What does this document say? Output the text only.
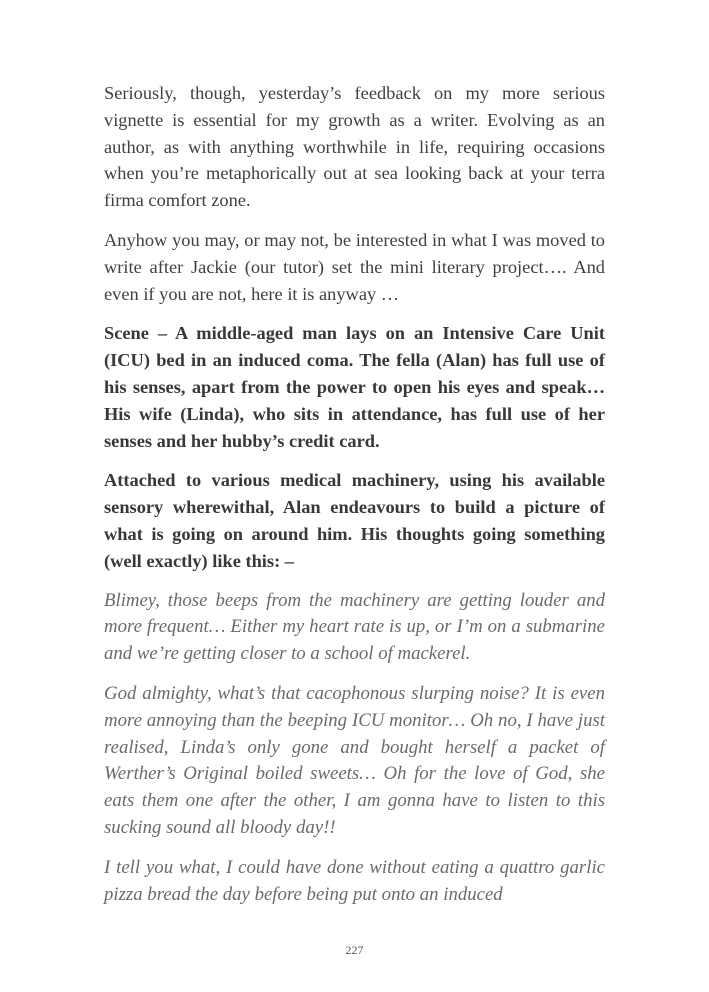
Seriously, though, yesterday’s feedback on my more serious vignette is essential for my growth as a writer. Evolving as an author, as with anything worthwhile in life, requiring occasions when you’re metaphorically out at sea looking back at your terra firma comfort zone.

Anyhow you may, or may not, be interested in what I was moved to write after Jackie (our tutor) set the mini literary project…. And even if you are not, here it is anyway …

Scene – A middle-aged man lays on an Intensive Care Unit (ICU) bed in an induced coma. The fella (Alan) has full use of his senses, apart from the power to open his eyes and speak… His wife (Linda), who sits in attendance, has full use of her senses and her hubby’s credit card.

Attached to various medical machinery, using his available sensory wherewithal, Alan endeavours to build a picture of what is going on around him. His thoughts going something (well exactly) like this: –

Blimey, those beeps from the machinery are getting louder and more frequent… Either my heart rate is up, or I’m on a submarine and we’re getting closer to a school of mackerel.

God almighty, what’s that cacophonous slurping noise? It is even more annoying than the beeping ICU monitor… Oh no, I have just realised, Linda’s only gone and bought herself a packet of Werther’s Original boiled sweets… Oh for the love of God, she eats them one after the other, I am gonna have to listen to this sucking sound all bloody day!!

I tell you what, I could have done without eating a quattro garlic pizza bread the day before being put onto an induced

227
